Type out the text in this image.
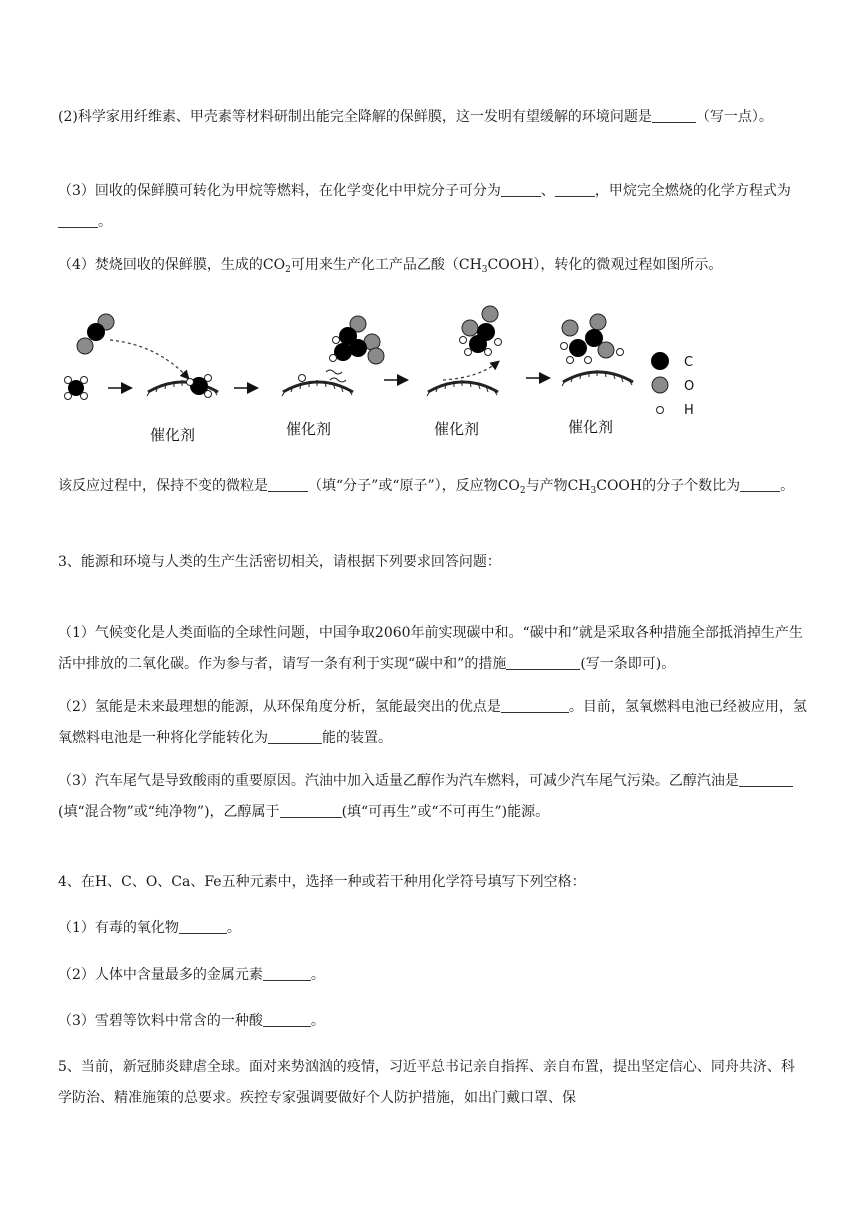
(2)科学家用纤维素、甲壳素等材料研制出能完全降解的保鲜膜，这一发明有望缓解的环境问题是	（写一点）。

（3）回收的保鲜膜可转化为甲烷等燃料，在化学变化中甲烷分子可分为	、	，甲烷完全燃烧的化学方程式为。

（4）焚烧回收的保鲜膜，生成的$CO_2$可用来生产化工产品乙酸$(CH_3COOH)$，转化的微观过程如图所示。

催化剂	催化剂	催化剂	催化剂
C
O
H

该反应过程中，保持不变的微粒是	（填“分子”或“原子”），反应物$CO_2$与产物$CH_3COOH$的分子个数比为	。

3、能源和环境与人类的生产生活密切相关，请根据下列要求回答问题：

（1）气候变化是人类面临的全球性问题，中国争取2060年前实现碳中和。“碳中和”就是采取各种措施全部抵消掉生产生活中排放的二氧化碳。作为参与者，请写一条有利于实现“碳中和”的措施	(写一条即可)。

（2）氢能是未来最理想的能源，从环保角度分析，氢能最突出的优点是	。目前，氢氧燃料电池已经被应用，氢氧燃料电池是一种将化学能转化为	能的装置。

（3）汽车尾气是导致酸雨的重要原因。汽油中加入适量乙醇作为汽车燃料，可减少汽车尾气污染。乙醇汽油是(填“混合物”或“纯净物”)，乙醇属于	(填“可再生”或“不可再生”)能源。

4、在H、C、O、Ca、Fe五种元素中，选择一种或若干种用化学符号填写下列空格：

（1）有毒的氧化物	。

（2）人体中含量最多的金属元素	。

（3）雪碧等饮料中常含的一种酸	。

5、当前，新冠肺炎肆虐全球。面对来势汹汹的疫情，习近平总书记亲自指挥、亲自布置，提出坚定信心、同舟共济、科学防治、精准施策的总要求。疾控专家强调要做好个人防护措施，如出门戴口罩、保
